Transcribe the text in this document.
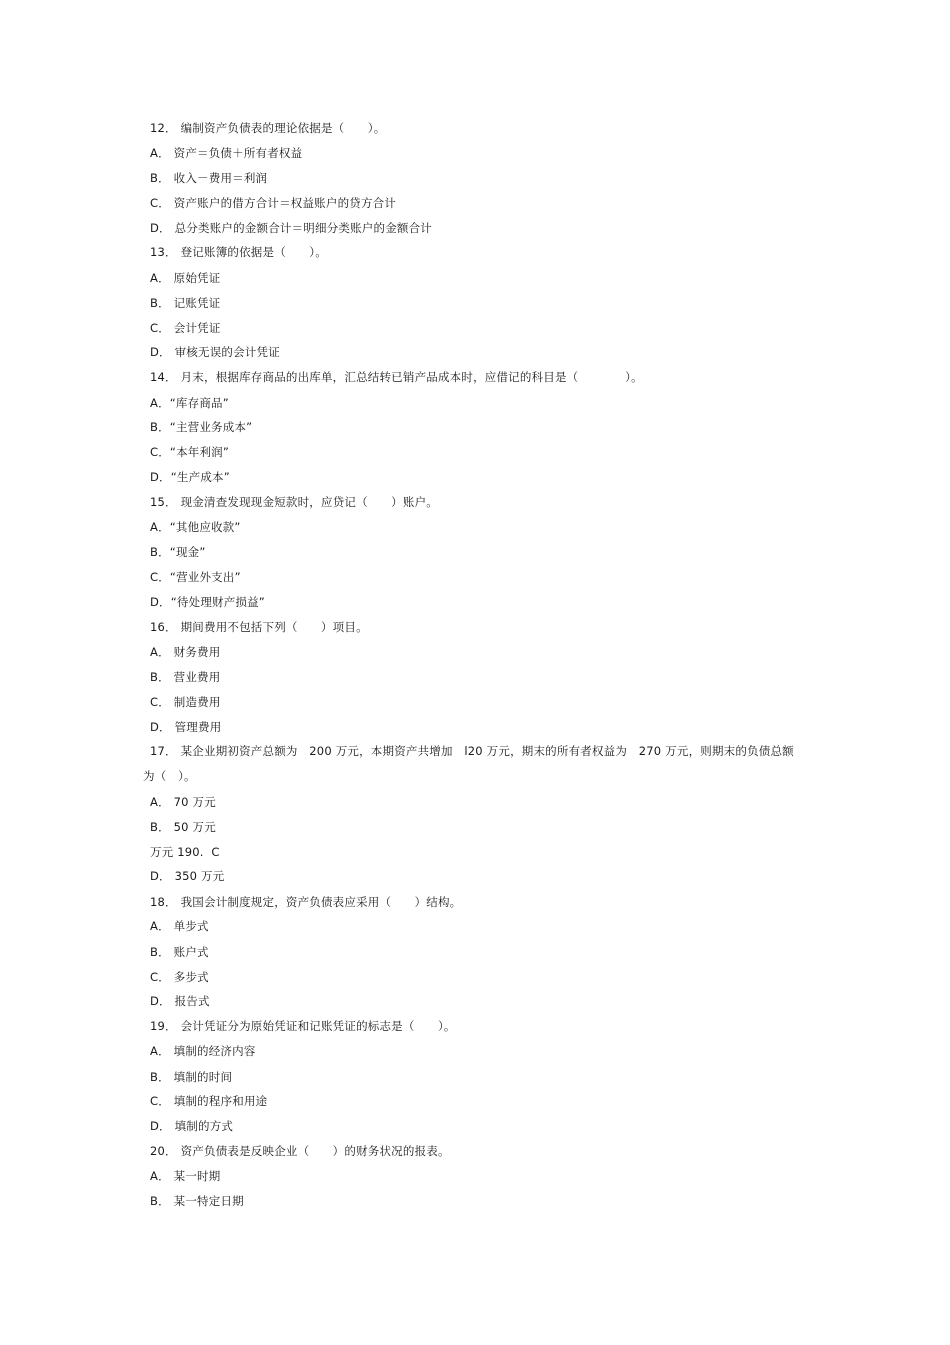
12． 编制资产负债表的理论依据是（　　）。
A． 资产＝负债＋所有者权益
B． 收入－费用＝利润
C． 资产账户的借方合计＝权益账户的贷方合计
D． 总分类账户的金额合计＝明细分类账户的金额合计
13． 登记账簿的依据是（　　）。
A． 原始凭证
B． 记账凭证
C． 会计凭证
D． 审核无误的会计凭证
14． 月末，根据库存商品的出库单，汇总结转已销产品成本时，应借记的科目是（　　　　）。
A．“库存商品”
B．“主营业务成本”
C．“本年利润”
D．“生产成本”
15． 现金清查发现现金短款时，应贷记（　　）账户。
A．“其他应收款”
B．“现金”
C．“营业外支出”
D．“待处理财产损益”
16． 期间费用不包括下列（　　）项目。
A． 财务费用
B． 营业费用
C． 制造费用
D． 管理费用
17． 某企业期初资产总额为　200 万元，本期资产共增加　l20 万元，期末的所有者权益为　270 万元，则期末的负债总额
为（　）。
A． 70 万元
B． 50 万元
万元 190.  C
D． 350 万元
18． 我国会计制度规定，资产负债表应采用（　　）结构。
A． 单步式
B． 账户式
C． 多步式
D． 报告式
19． 会计凭证分为原始凭证和记账凭证的标志是（　　）。
A． 填制的经济内容
B． 填制的时间
C． 填制的程序和用途
D． 填制的方式
20． 资产负债表是反映企业（　　）的财务状况的报表。
A． 某一时期
B． 某一特定日期
